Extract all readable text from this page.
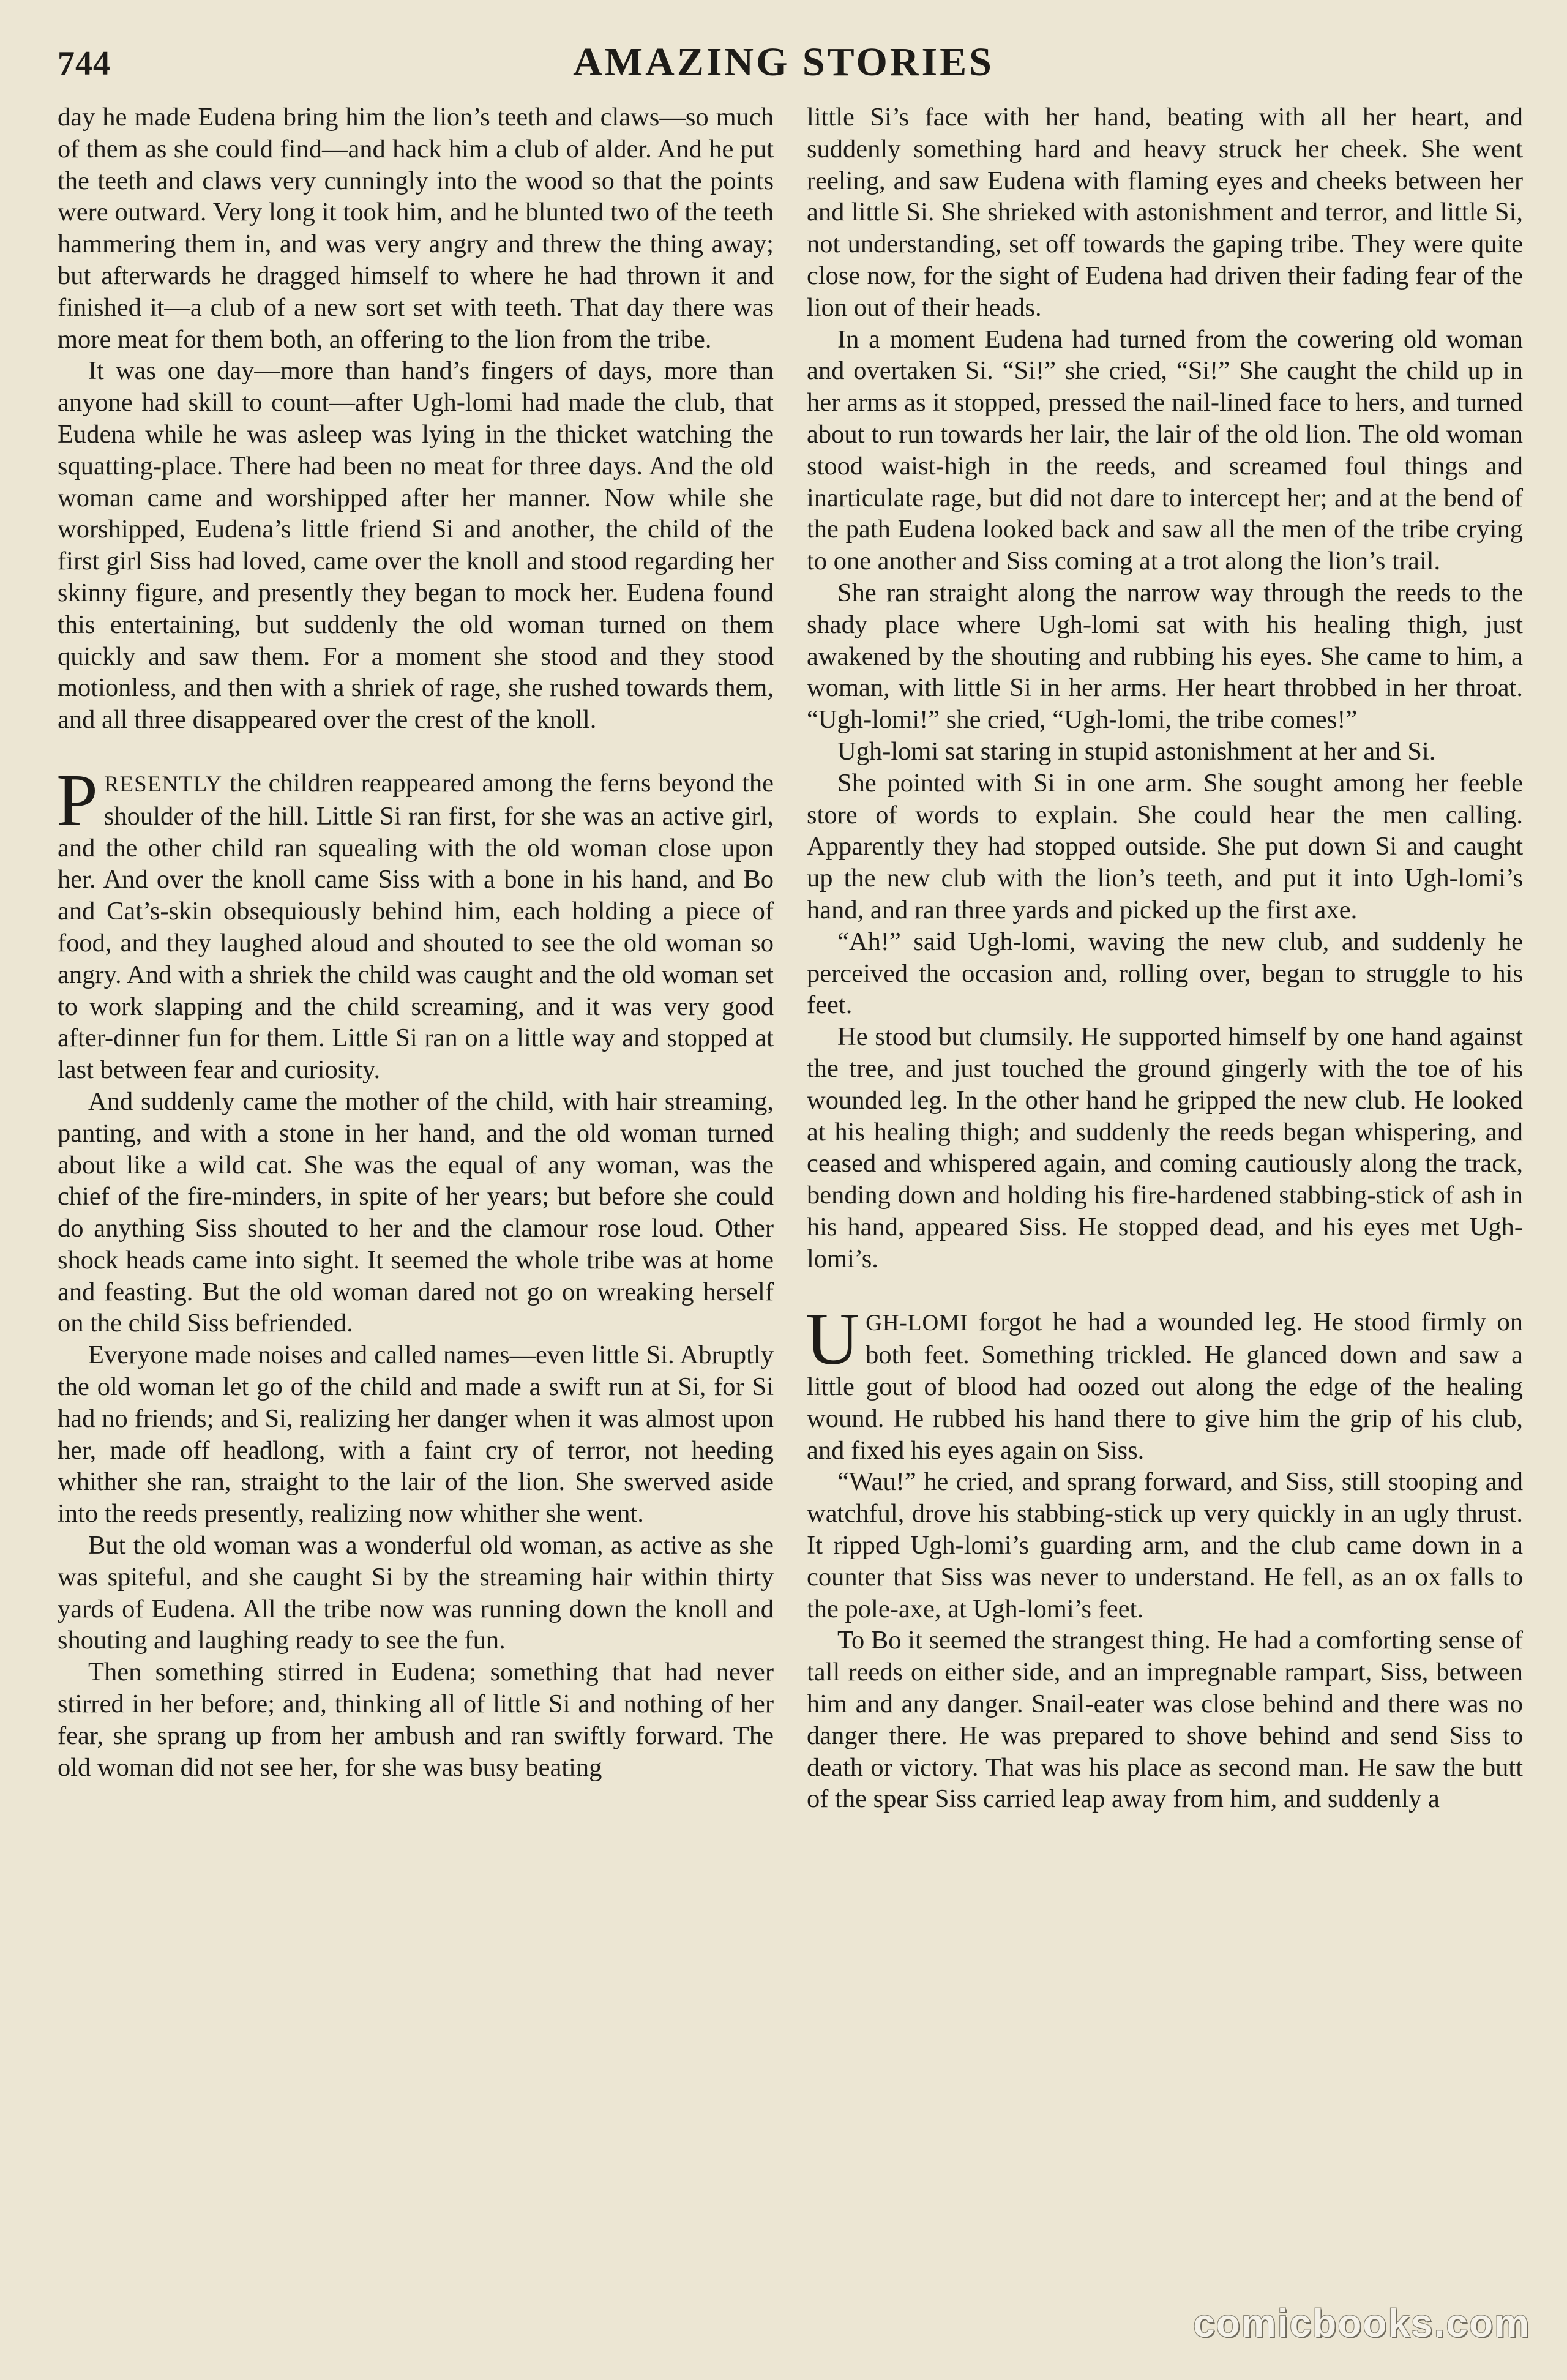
744	AMAZING STORIES

day he made Eudena bring him the lion’s teeth and claws—so much of them as she could find—and hack him a club of alder. And he put the teeth and claws very cunningly into the wood so that the points were outward. Very long it took him, and he blunted two of the teeth hammering them in, and was very angry and threw the thing away; but afterwards he dragged himself to where he had thrown it and finished it—a club of a new sort set with teeth. That day there was more meat for them both, an offering to the lion from the tribe.

It was one day—more than hand’s fingers of days, more than anyone had skill to count—after Ugh-lomi had made the club, that Eudena while he was asleep was lying in the thicket watching the squatting-place. There had been no meat for three days. And the old woman came and worshipped after her manner. Now while she worshipped, Eudena’s little friend Si and another, the child of the first girl Siss had loved, came over the knoll and stood regarding her skinny figure, and presently they began to mock her. Eudena found this entertaining, but suddenly the old woman turned on them quickly and saw them. For a moment she stood and they stood motionless, and then with a shriek of rage, she rushed towards them, and all three disappeared over the crest of the knoll.

PRESENTLY the children reappeared among the ferns beyond the shoulder of the hill. Little Si ran first, for she was an active girl, and the other child ran squealing with the old woman close upon her. And over the knoll came Siss with a bone in his hand, and Bo and Cat’s-skin obsequiously behind him, each holding a piece of food, and they laughed aloud and shouted to see the old woman so angry. And with a shriek the child was caught and the old woman set to work slapping and the child screaming, and it was very good after-dinner fun for them. Little Si ran on a little way and stopped at last between fear and curiosity.

And suddenly came the mother of the child, with hair streaming, panting, and with a stone in her hand, and the old woman turned about like a wild cat. She was the equal of any woman, was the chief of the fire-minders, in spite of her years; but before she could do anything Siss shouted to her and the clamour rose loud. Other shock heads came into sight. It seemed the whole tribe was at home and feasting. But the old woman dared not go on wreaking herself on the child Siss befriended.

Everyone made noises and called names—even little Si. Abruptly the old woman let go of the child and made a swift run at Si, for Si had no friends; and Si, realizing her danger when it was almost upon her, made off headlong, with a faint cry of terror, not heeding whither she ran, straight to the lair of the lion. She swerved aside into the reeds presently, realizing now whither she went.

But the old woman was a wonderful old woman, as active as she was spiteful, and she caught Si by the streaming hair within thirty yards of Eudena. All the tribe now was running down the knoll and shouting and laughing ready to see the fun.

Then something stirred in Eudena; something that had never stirred in her before; and, thinking all of little Si and nothing of her fear, she sprang up from her ambush and ran swiftly forward. The old woman did not see her, for she was busy beating

little Si’s face with her hand, beating with all her heart, and suddenly something hard and heavy struck her cheek. She went reeling, and saw Eudena with flaming eyes and cheeks between her and little Si. She shrieked with astonishment and terror, and little Si, not understanding, set off towards the gaping tribe. They were quite close now, for the sight of Eudena had driven their fading fear of the lion out of their heads.

In a moment Eudena had turned from the cowering old woman and overtaken Si. “Si!” she cried, “Si!” She caught the child up in her arms as it stopped, pressed the nail-lined face to hers, and turned about to run towards her lair, the lair of the old lion. The old woman stood waist-high in the reeds, and screamed foul things and inarticulate rage, but did not dare to intercept her; and at the bend of the path Eudena looked back and saw all the men of the tribe crying to one another and Siss coming at a trot along the lion’s trail.

She ran straight along the narrow way through the reeds to the shady place where Ugh-lomi sat with his healing thigh, just awakened by the shouting and rubbing his eyes. She came to him, a woman, with little Si in her arms. Her heart throbbed in her throat. “Ugh-lomi!” she cried, “Ugh-lomi, the tribe comes!”

Ugh-lomi sat staring in stupid astonishment at her and Si.

She pointed with Si in one arm. She sought among her feeble store of words to explain. She could hear the men calling. Apparently they had stopped outside. She put down Si and caught up the new club with the lion’s teeth, and put it into Ugh-lomi’s hand, and ran three yards and picked up the first axe.

“Ah!” said Ugh-lomi, waving the new club, and suddenly he perceived the occasion and, rolling over, began to struggle to his feet.

He stood but clumsily. He supported himself by one hand against the tree, and just touched the ground gingerly with the toe of his wounded leg. In the other hand he gripped the new club. He looked at his healing thigh; and suddenly the reeds began whispering, and ceased and whispered again, and coming cautiously along the track, bending down and holding his fire-hardened stabbing-stick of ash in his hand, appeared Siss. He stopped dead, and his eyes met Ugh-lomi’s.

UGH-LOMI forgot he had a wounded leg. He stood firmly on both feet. Something trickled. He glanced down and saw a little gout of blood had oozed out along the edge of the healing wound. He rubbed his hand there to give him the grip of his club, and fixed his eyes again on Siss.

“Wau!” he cried, and sprang forward, and Siss, still stooping and watchful, drove his stabbing-stick up very quickly in an ugly thrust. It ripped Ugh-lomi’s guarding arm, and the club came down in a counter that Siss was never to understand. He fell, as an ox falls to the pole-axe, at Ugh-lomi’s feet.

To Bo it seemed the strangest thing. He had a comforting sense of tall reeds on either side, and an impregnable rampart, Siss, between him and any danger. Snail-eater was close behind and there was no danger there. He was prepared to shove behind and send Siss to death or victory. That was his place as second man. He saw the butt of the spear Siss carried leap away from him, and suddenly a

comicbooks.com
